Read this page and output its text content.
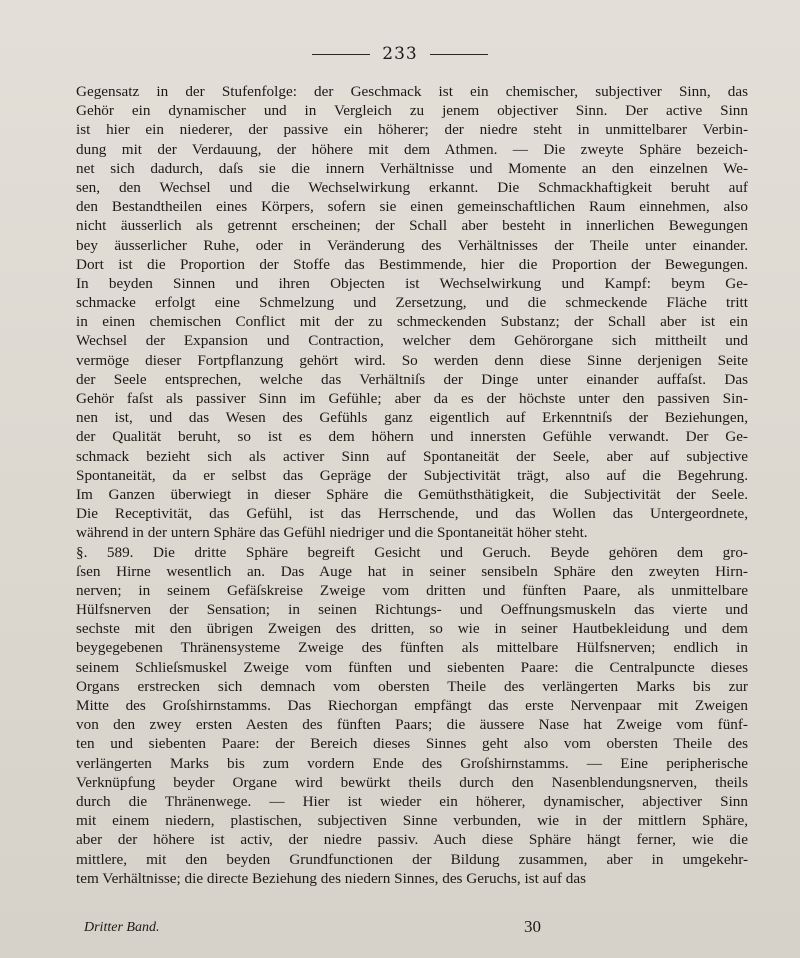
233
Gegensatz in der Stufenfolge: der Geschmack ist ein chemischer, subjectiver Sinn, das
Gehör ein dynamischer und in Vergleich zu jenem objectiver Sinn. Der active Sinn
ist hier ein niederer, der passive ein höherer; der niedre steht in unmittelbarer Verbin-
dung mit der Verdauung, der höhere mit dem Athmen. — Die zweyte Sphäre bezeich-
net sich dadurch, daſs sie die innern Verhältnisse und Momente an den einzelnen We-
sen, den Wechsel und die Wechselwirkung erkannt. Die Schmackhaftigkeit beruht auf
den Bestandtheilen eines Körpers, sofern sie einen gemeinschaftlichen Raum einnehmen, also
nicht äusserlich als getrennt erscheinen; der Schall aber besteht in innerlichen Bewegungen
bey äusserlicher Ruhe, oder in Veränderung des Verhältnisses der Theile unter einander.
Dort ist die Proportion der Stoffe das Bestimmende, hier die Proportion der Bewegungen.
In beyden Sinnen und ihren Objecten ist Wechselwirkung und Kampf: beym Ge-
schmacke erfolgt eine Schmelzung und Zersetzung, und die schmeckende Fläche tritt
in einen chemischen Conflict mit der zu schmeckenden Substanz; der Schall aber ist ein
Wechsel der Expansion und Contraction, welcher dem Gehörorgane sich mittheilt und
vermöge dieser Fortpflanzung gehört wird. So werden denn diese Sinne derjenigen Seite
der Seele entsprechen, welche das Verhältniſs der Dinge unter einander auffaſst. Das
Gehör faſst als passiver Sinn im Gefühle; aber da es der höchste unter den passiven Sin-
nen ist, und das Wesen des Gefühls ganz eigentlich auf Erkenntniſs der Beziehungen,
der Qualität beruht, so ist es dem höhern und innersten Gefühle verwandt. Der Ge-
schmack bezieht sich als activer Sinn auf Spontaneität der Seele, aber auf subjective
Spontaneität, da er selbst das Gepräge der Subjectivität trägt, also auf die Begehrung.
Im Ganzen überwiegt in dieser Sphäre die Gemüthsthätigkeit, die Subjectivität der Seele.
Die Receptivität, das Gefühl, ist das Herrschende, und das Wollen das Untergeordnete,
während in der untern Sphäre das Gefühl niedriger und die Spontaneität höher steht.
§. 589. Die dritte Sphäre begreift Gesicht und Geruch. Beyde gehören dem gro-
ſsen Hirne wesentlich an. Das Auge hat in seiner sensibeln Sphäre den zweyten Hirn-
nerven; in seinem Gefäſskreise Zweige vom dritten und fünften Paare, als unmittelbare
Hülfsnerven der Sensation; in seinen Richtungs- und Oeffnungsmuskeln das vierte und
sechste mit den übrigen Zweigen des dritten, so wie in seiner Hautbekleidung und dem
beygegebenen Thränensysteme Zweige des fünften als mittelbare Hülfsnerven; endlich in
seinem Schlieſsmuskel Zweige vom fünften und siebenten Paare: die Centralpuncte dieses
Organs erstrecken sich demnach vom obersten Theile des verlängerten Marks bis zur
Mitte des Groſshirnstamms. Das Riechorgan empfängt das erste Nervenpaar mit Zweigen
von den zwey ersten Aesten des fünften Paars; die äussere Nase hat Zweige vom fünf-
ten und siebenten Paare: der Bereich dieses Sinnes geht also vom obersten Theile des
verlängerten Marks bis zum vordern Ende des Groſshirnstamms. — Eine peripherische
Verknüpfung beyder Organe wird bewürkt theils durch den Nasenblendungsnerven, theils
durch die Thränenwege. — Hier ist wieder ein höherer, dynamischer, abjectiver Sinn
mit einem niedern, plastischen, subjectiven Sinne verbunden, wie in der mittlern Sphäre,
aber der höhere ist activ, der niedre passiv. Auch diese Sphäre hängt ferner, wie die
mittlere, mit den beyden Grundfunctionen der Bildung zusammen, aber in umgekehr-
tem Verhältnisse; die directe Beziehung des niedern Sinnes, des Geruchs, ist auf das
Dritter Band.	30
